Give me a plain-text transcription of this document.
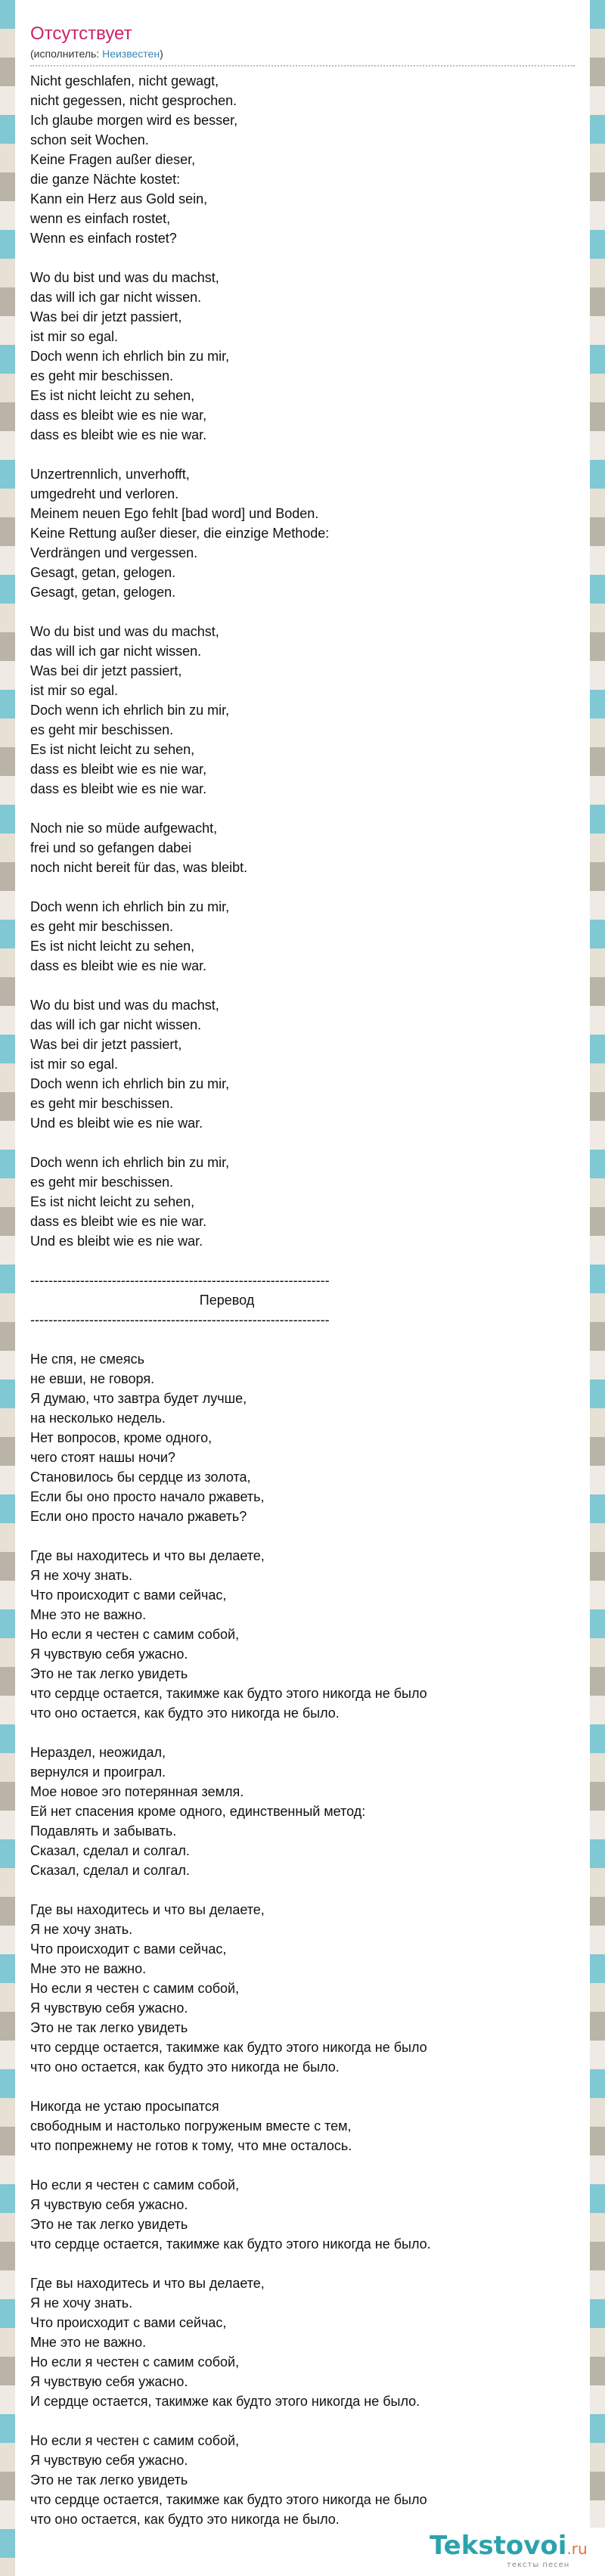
Отсутствует

(исполнитель: Неизвестен)

Nicht geschlafen, nicht gewagt,
nicht gegessen, nicht gesprochen.
Ich glaube morgen wird es besser,
schon seit Wochen.
Keine Fragen außer dieser,
die ganze Nächte kostet:
Kann ein Herz aus Gold sein,
wenn es einfach rostet,
Wenn es einfach rostet?

Wo du bist und was du machst,
das will ich gar nicht wissen.
Was bei dir jetzt passiert,
ist mir so egal.
Doch wenn ich ehrlich bin zu mir,
es geht mir beschissen.
Es ist nicht leicht zu sehen,
dass es bleibt wie es nie war,
dass es bleibt wie es nie war.

Unzertrennlich, unverhofft,
umgedreht und verloren.
Meinem neuen Ego fehlt [bad word] und Boden.
Keine Rettung außer dieser, die einzige Methode:
Verdrängen und vergessen.
Gesagt, getan, gelogen.
Gesagt, getan, gelogen.

Wo du bist und was du machst,
das will ich gar nicht wissen.
Was bei dir jetzt passiert,
ist mir so egal.
Doch wenn ich ehrlich bin zu mir,
es geht mir beschissen.
Es ist nicht leicht zu sehen,
dass es bleibt wie es nie war,
dass es bleibt wie es nie war.

Noch nie so müde aufgewacht,
frei und so gefangen dabei
noch nicht bereit für das, was bleibt.

Doch wenn ich ehrlich bin zu mir,
es geht mir beschissen.
Es ist nicht leicht zu sehen,
dass es bleibt wie es nie war.

Wo du bist und was du machst,
das will ich gar nicht wissen.
Was bei dir jetzt passiert,
ist mir so egal.
Doch wenn ich ehrlich bin zu mir,
es geht mir beschissen.
Und es bleibt wie es nie war.

Doch wenn ich ehrlich bin zu mir,
es geht mir beschissen.
Es ist nicht leicht zu sehen,
dass es bleibt wie es nie war.
Und es bleibt wie es nie war.
------------------------------------------------------------------
Перевод
------------------------------------------------------------------
Не спя, не смеясь
не евши, не говоря.
Я думаю, что завтра будет лучше,
на несколько недель.
Нет вопросов, кроме одного,
чего стоят нашы ночи?
Становилось бы сердце из золота,
Если бы оно просто начало ржаветь,
Если оно просто начало ржаветь?

Где вы находитесь и что вы делаете,
Я не хочу знать.
Что происходит с вами сейчас,
Мне это не важно.
Но если я честен с самим собой,
Я чувствую себя ужасно.
Это не так легко увидеть
что сердце остается, такимже как будто этого никогда не было
что оно остается, как будто это никогда не было.

Нераздел, неожидал,
вернулся и проиграл.
Мое новое эго потерянная земля.
Ей нет спасения кроме одного, единственный метод:
Подавлять и забывать.
Сказал, сделал и солгал.
Сказал, сделал и солгал.

Где вы находитесь и что вы делаете,
Я не хочу знать.
Что происходит с вами сейчас,
Мне это не важно.
Но если я честен с самим собой,
Я чувствую себя ужасно.
Это не так легко увидеть
что сердце остается, такимже как будто этого никогда не было
что оно остается, как будто это никогда не было.

Никогда не устаю просыпатся
свободным и настолько погруженым вместе с тем,
что попрежнему не готов к тому, что мне осталось.

Но если я честен с самим собой,
Я чувствую себя ужасно.
Это не так легко увидеть
что сердце остается, такимже как будто этого никогда не было.

Где вы находитесь и что вы делаете,
Я не хочу знать.
Что происходит с вами сейчас,
Мне это не важно.
Но если я честен с самим собой,
Я чувствую себя ужасно.
И сердце остается, такимже как будто этого никогда не было.

Но если я честен с самим собой,
Я чувствую себя ужасно.
Это не так легко увидеть
что сердце остается, такимже как будто этого никогда не было
что оно остается, как будто это никогда не было.
Tekstovoi.ru
тексты песен
